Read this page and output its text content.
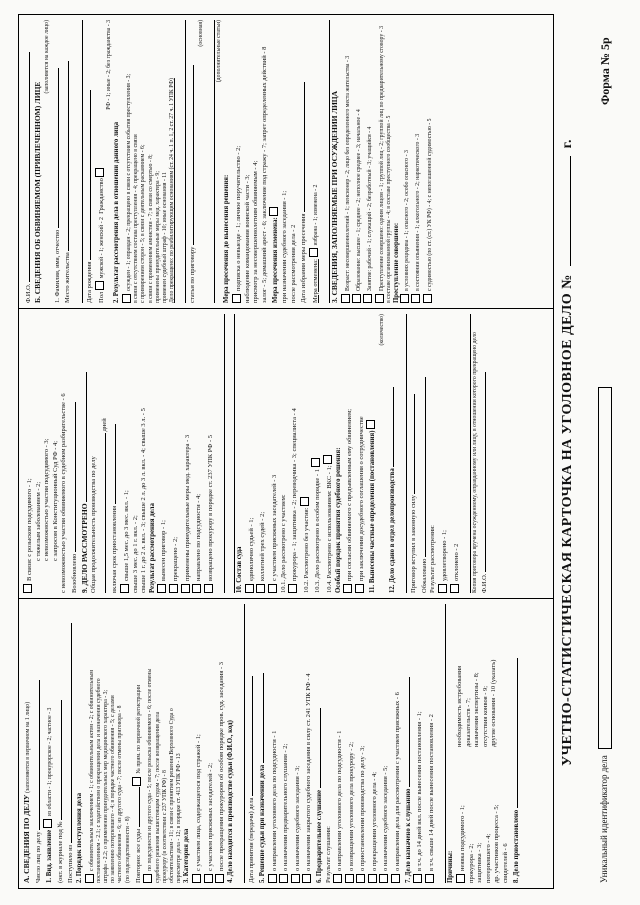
Уникальный идентификатор дела
Форма № 5р
УЧЕТНО-СТАТИСТИЧЕСКАЯ КАРТОЧКА НА УГОЛОВНОЕ ДЕЛО №  г.
А. СВЕДЕНИЯ ПО ДЕЛУ (заполняется в первичном на 1 лицо)
Число лиц по делу 1. Вид. заявление из области - 1; прокурорское - 2; частное - 3
(окт. в журнале под № Поступило из 2. Порядок поступления дела с обвинительным заключением - 1; с обвинительным актом - 2; с обвинительным постановлением - 2.1; с ходатайством о прекращении дела и назначении судебного штрафа - 2.2; о применении принудительных мер медицинского характера - 3; по заявлению потерпевшего - 4; в порядке частного обвинения - 5; с делами частного обвинения - 6; из другого суда - 7; после отмены приговора - 8 (по подследственности - 8) Повторно: все суды  № прим. по первичной регистрации по подсудности из другого суда - 5; после розыска обвиняемого - 6; после отмены судебного решения вышестоящим судом - 7; после возвращения дела прокурору (в соответствии с 237 УПК РФ) - 8 обстоятельствам - 11; в связи с принятием решения Верховного Суда о пересмотре дела - 12; в порядке ст. 413 УПК РФ - 13 3. Категория дела с участием лица, содержащегося под стражей - 1; с участием присяжных заседателей - 2; после прекращения прокурором об особом порядке пров. суд. заседания - 3 4. Дело находится в производстве судьи (Ф.И.О., код)	Дата принятия (передачи) дела 5. Решение судьи при назначении дела о направлении уголовного дела по подсудности - 1 о назначении предварительного слушания - 2; о назначении судебного заседания - 3; о назначении закрытого судебного заседания в силу ст. 241 УПК РФ - 4 6. Предварительное слушание Результат слушания: о направлении уголовного дела по подсудности - 1 о возвращении уголовного дела прокурору - 2; о приостановлении производства по делу - 3; о прекращении уголовного дела - 4; о назначении судебного заседания - 5; о направлении дела для рассмотрения с участием присяжных - 6 7. Дело назначено к слушанию в т.ч. до 14 дней вкл. после вынесения постановления - 1; в т.ч. свыше 14 дней после вынесения постановления - 2 Причины: неявка подсудимого - 1; прокурора - 2; защитника - 3; потерпевшего - 4; др. участников процесса - 5; свидетелей - 6

необходимость истребования доказательств - 7; назначения экспертизы - 8; отсутствия конвоя - 9; другие основания - 10 (указать)
8. Дело приостановлено
В связи: с розыском подсудимого - 1; с тяжелым заболеванием - 2; с невозможностью участия подсудимого - 3; с запросом в Конституционный Суд РФ - 4; с невозможностью участия обвиняемого в судебном разбирательстве - 6 Возобновлено 9. ДЕЛО РАССМОТРЕНО Общая продолжительность производства по делу
дней
включая срок приостановления свыше 1,5 мес. до 3 мес. вкл. - 1; свыше 3 мес. до 1 г. вкл. - 2; свыше 1 г. до 2 л. вкл. - 3; свыше 2 л. до 3 л. вкл. - 4; свыше 3 л. - 5 Результат рассмотрения дела вынесен приговор - 1; прекращено - 2; применены принудительные меры мед. характера - 3 направлено по подсудности - 4; возвращено прокурору в порядке ст. 237 УПК РФ - 5	10. Состав суда единолично судьей - 1; коллегией трех судей - 2; с участием присяжных заседателей - 3 10.1. Дело рассмотрено с участием: прокурора - 1; защитника - 2; переводчика - 3; специалиста - 4 10.2. Рассмотрено без участия: 10.3. Дело рассмотрено в особом порядке - 1 10.4. Рассмотрено с использованием: ВКС - 1; Особый порядок принятия судебного решения: при согласии обвиняемого с предъявленным ему обвинением; при заключении досудебного соглашения о сотрудничестве 11. Вынесены частные определения (постановления)
(количество)
12. Дело сдано в отдел делопроизводства	Приговор вступил в законную силу Обжаловано Результат рассмотрения: удовлетворено - 1; отклонено - 2 Копия приговора вручена осужденному, оправданному или лицу, в отношении которого прекращено дело Ф.И.О.
Ф.И.О. Б. СВЕДЕНИЯ ОБ ОБВИНЯЕМОМ (ПРИВЛЕЧЕННОМ) ЛИЦЕ
(заполняется на каждое лицо)
1. Фамилия, имя, отчество Место жительства	Дата рождения Пол мужской - 1; женский - 2  Гражданство
РФ - 1; иные - 2; без гражданства - 3
2. Результат рассмотрения дела в отношении данного лица осужден - 1; оправдан - 2; прекращено в связи с отсутствием события преступления - 3; в связи с отсутствием состава преступления - 4; прекращено в связи с примирением сторон - 5; в связи с деятельным раскаянием - 6; в связи с применением амнистии - 7; в связи со смертью - 8; применены принудительные меры мед. характера - 9; применен судебный штраф - 10; иные основания - 11 Дело прекращено: по реабилитирующим основаниям (ст. 24 ч. 1 п. 1, 2 ст. 27 ч. 1 УПК РФ)	статьи по приговору
(основная) (дополнительные статьи)
Мера пресечения до вынесения решения: подписка о невыезде - 1; личное поручительство - 2; наблюдение командования воинской части - 3; присмотр за несовершеннолетним обвиняемым - 4; залог - 5; домашний арест - 6; заключение под стражу - 7; запрет определенных действий - 8 Мера пресечения изменена: при назначении судебного заседания - 1; после рассмотрения дела - 2 Дата избрания меры пресечения Мера отменена: избрана - 1; изменена - 2 3. СВЕДЕНИЯ, ЗАПОЛНЯЕМЫЕ ПРИ ОСУЖДЕНИИ ЛИЦА Возраст: несовершеннолетний - 1; пенсионер - 2; лицо без определенного места жительства - 3 Образование: высшее - 1; среднее - 2; неполное среднее - 3; начальное - 4 Занятие: рабочий - 1; служащий - 2; безработный - 3; учащийся - 4 Преступление совершено: одним лицом - 1; группой лиц - 2; группой лиц по предварительному сговору - 3 в составе организованной группы - 4; в составе преступного сообщества - 5 Преступление совершено: в условиях рецидива - 1; опасного - 2; особо опасного - 3 в состоянии опьянения - 1; алкогольного - 2; наркотического - 3 с судимостью (по ст. (ст.) УК РФ) - 4; с непогашенной судимостью - 5
